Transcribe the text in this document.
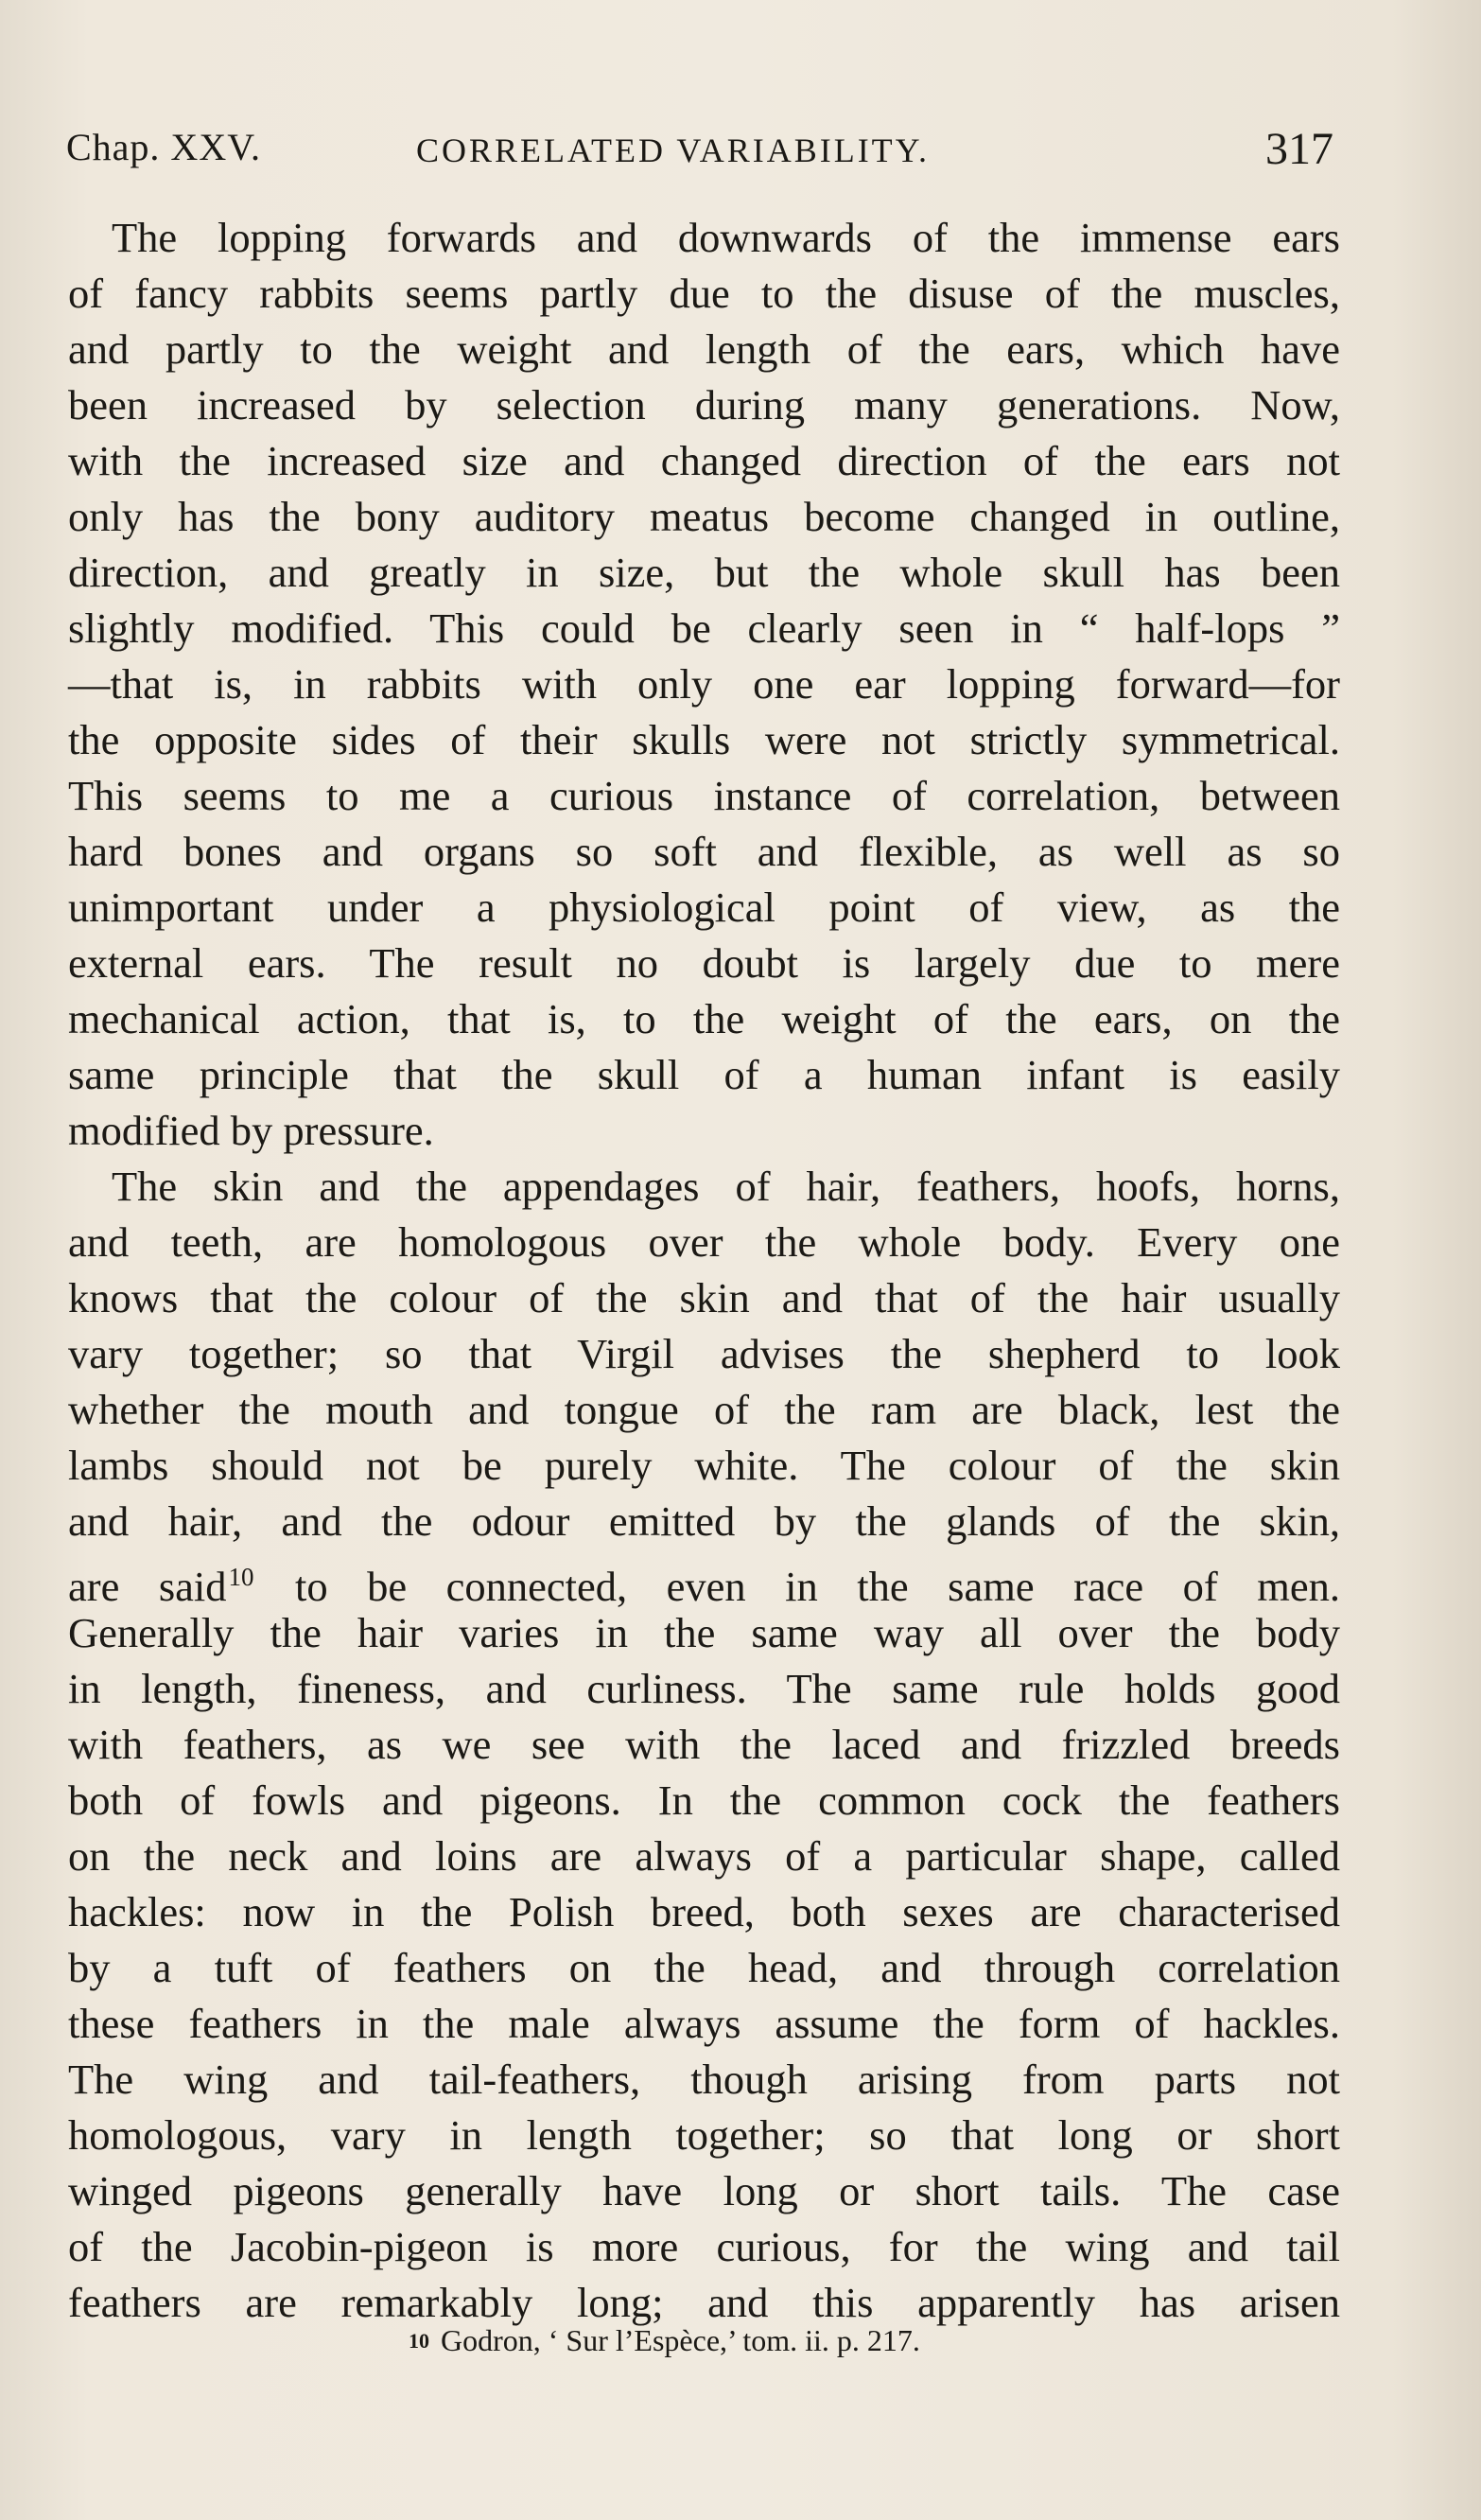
Chap. XXV.	CORRELATED VARIABILITY.	317
The lopping forwards and downwards of the immense ears
of fancy rabbits seems partly due to the disuse of the muscles,
and partly to the weight and length of the ears, which have
been increased by selection during many generations. Now,
with the increased size and changed direction of the ears not
only has the bony auditory meatus become changed in outline,
direction, and greatly in size, but the whole skull has been
slightly modified. This could be clearly seen in “ half-lops ”
—that is, in rabbits with only one ear lopping forward—for
the opposite sides of their skulls were not strictly symmetrical.
This seems to me a curious instance of correlation, between
hard bones and organs so soft and flexible, as well as so
unimportant under a physiological point of view, as the
external ears. The result no doubt is largely due to mere
mechanical action, that is, to the weight of the ears, on the
same principle that the skull of a human infant is easily
modified by pressure.
The skin and the appendages of hair, feathers, hoofs, horns,
and teeth, are homologous over the whole body. Every one
knows that the colour of the skin and that of the hair usually
vary together; so that Virgil advises the shepherd to look
whether the mouth and tongue of the ram are black, lest the
lambs should not be purely white. The colour of the skin
and hair, and the odour emitted by the glands of the skin,
are said$^{10}$ to be connected, even in the same race of men.
Generally the hair varies in the same way all over the body
in length, fineness, and curliness. The same rule holds good
with feathers, as we see with the laced and frizzled breeds
both of fowls and pigeons. In the common cock the feathers
on the neck and loins are always of a particular shape, called
hackles: now in the Polish breed, both sexes are characterised
by a tuft of feathers on the head, and through correlation
these feathers in the male always assume the form of hackles.
The wing and tail-feathers, though arising from parts not
homologous, vary in length together; so that long or short
winged pigeons generally have long or short tails. The case
of the Jacobin-pigeon is more curious, for the wing and tail
feathers are remarkably long; and this apparently has arisen
10 Godron, ‘ Sur l’Espèce,’ tom. ii. p. 217.
